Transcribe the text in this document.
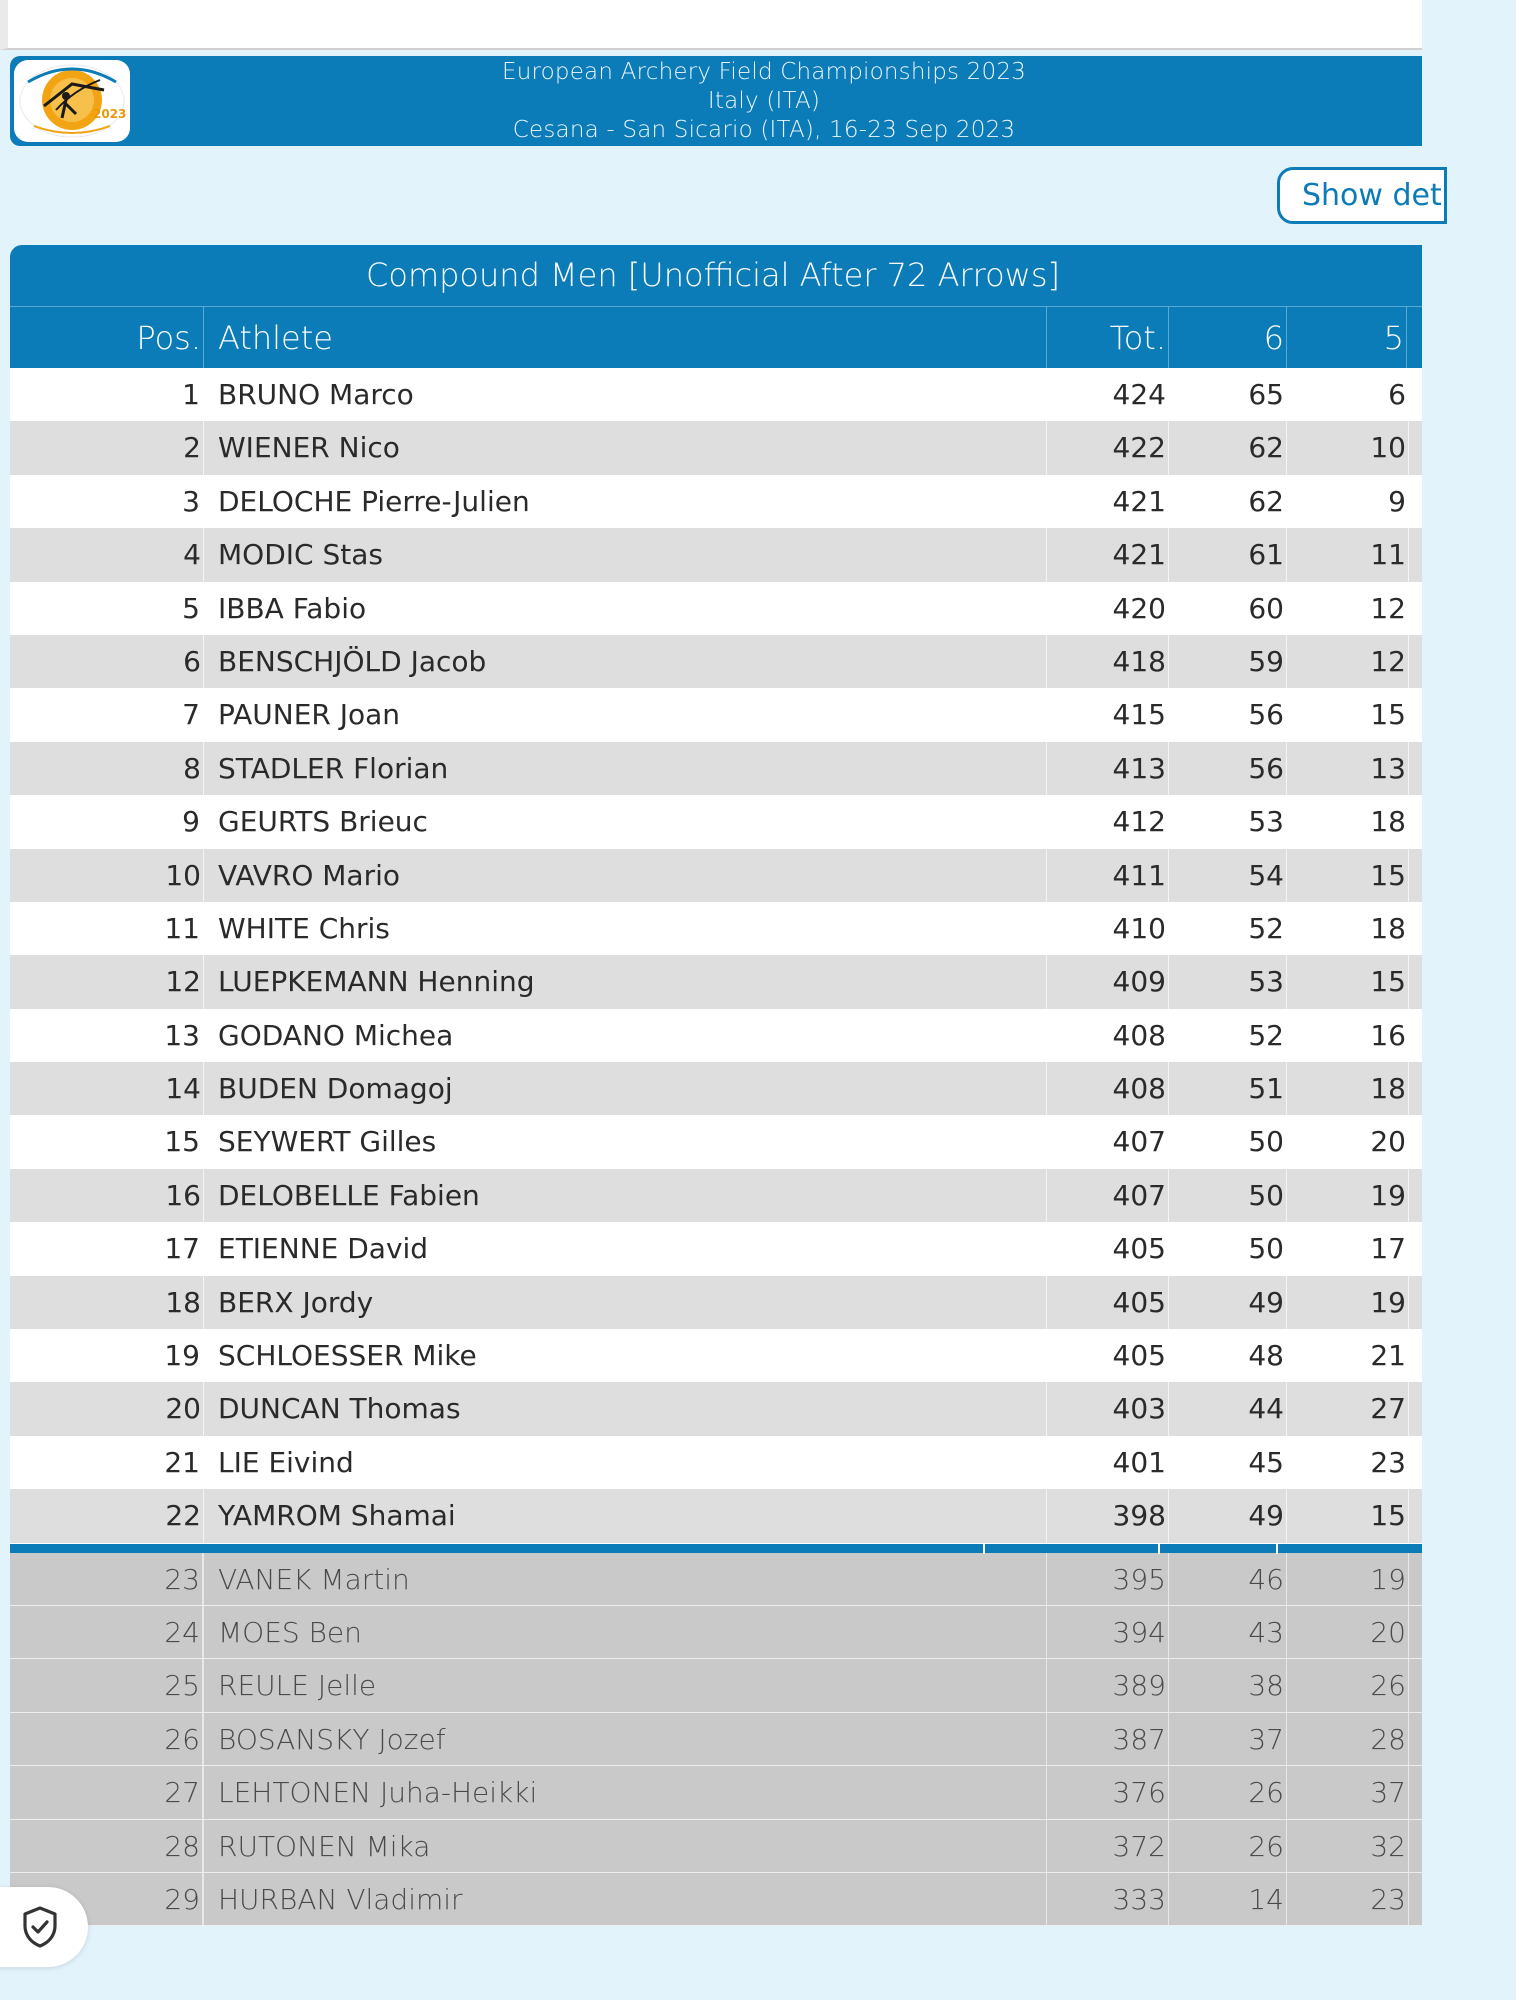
2023
European Archery Field Championships 2023
Italy (ITA)
Cesana - San Sicario (ITA), 16-23 Sep 2023
Show det
Compound Men [Unofficial After 72 Arrows]
Pos. Athlete	Tot.	6	5
1 BRUNO Marco	424	65	6
2 WIENER Nico	422	62	10
3 DELOCHE Pierre-Julien	421	62	9
4 MODIC Stas	421	61	11
5 IBBA Fabio	420	60	12
6 BENSCHJÖLD Jacob	418	59	12
7 PAUNER Joan	415	56	15
8 STADLER Florian	413	56	13
9 GEURTS Brieuc	412	53	18
10 VAVRO Mario	411	54	15
11 WHITE Chris	410	52	18
12 LUEPKEMANN Henning	409	53	15
13 GODANO Michea	408	52	16
14 BUDEN Domagoj	408	51	18
15 SEYWERT Gilles	407	50	20
16 DELOBELLE Fabien	407	50	19
17 ETIENNE David	405	50	17
18 BERX Jordy	405	49	19
19 SCHLOESSER Mike	405	48	21
20 DUNCAN Thomas	403	44	27
21 LIE Eivind	401	45	23
22 YAMROM Shamai	398	49	15
23 VANEK Martin	395	46	19
24 MOES Ben	394	43	20
25 REULE Jelle	389	38	26
26 BOSANSKY Jozef	387	37	28
27 LEHTONEN Juha-Heikki	376	26	37
28 RUTONEN Mika	372	26	32
29 HURBAN Vladimir	333	14	23
